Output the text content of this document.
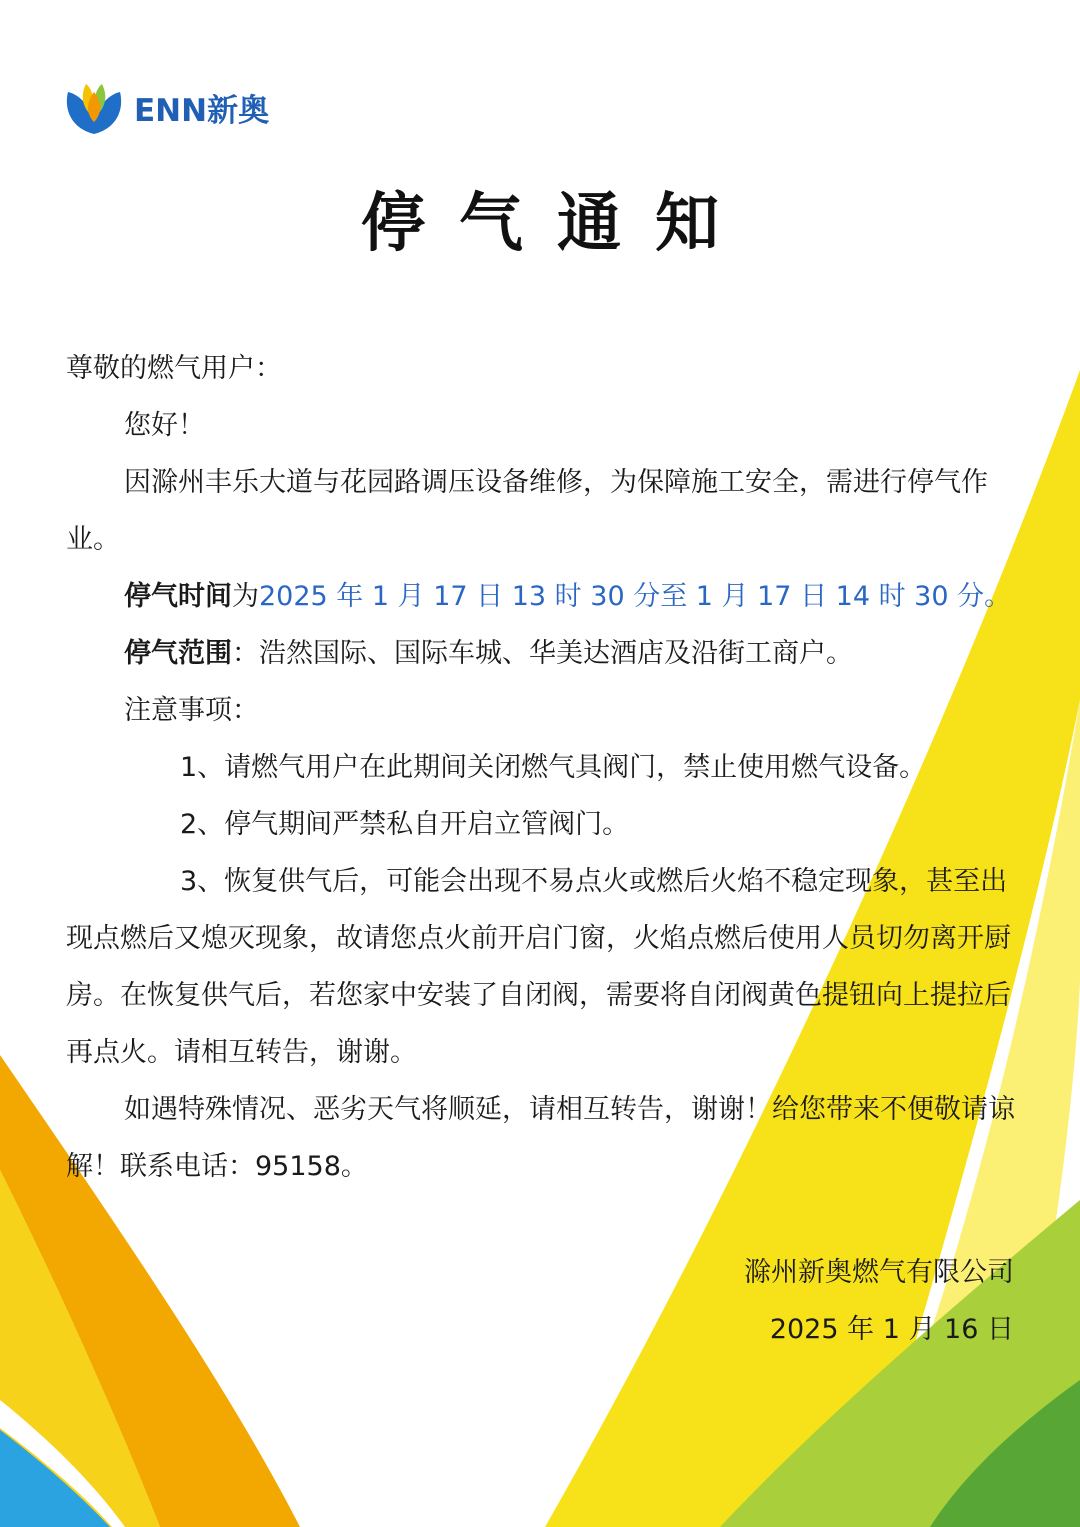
ENN新奥
停气通知

尊敬的燃气用户：

您好！

因滁州丰乐大道与花园路调压设备维修，为保障施工安全，需进行停气作业。

停气时间为2025 年 1 月 17 日 13 时 30 分至 1 月 17 日 14 时 30 分。

停气范围：浩然国际、国际车城、华美达酒店及沿街工商户。

注意事项：

1、请燃气用户在此期间关闭燃气具阀门，禁止使用燃气设备。

2、停气期间严禁私自开启立管阀门。

3、恢复供气后，可能会出现不易点火或燃后火焰不稳定现象，甚至出现点燃后又熄灭现象，故请您点火前开启门窗，火焰点燃后使用人员切勿离开厨房。在恢复供气后，若您家中安装了自闭阀，需要将自闭阀黄色提钮向上提拉后再点火。请相互转告，谢谢。

如遇特殊情况、恶劣天气将顺延，请相互转告，谢谢！给您带来不便敬请谅解！联系电话：95158。

滁州新奥燃气有限公司
2025 年 1 月 16 日
